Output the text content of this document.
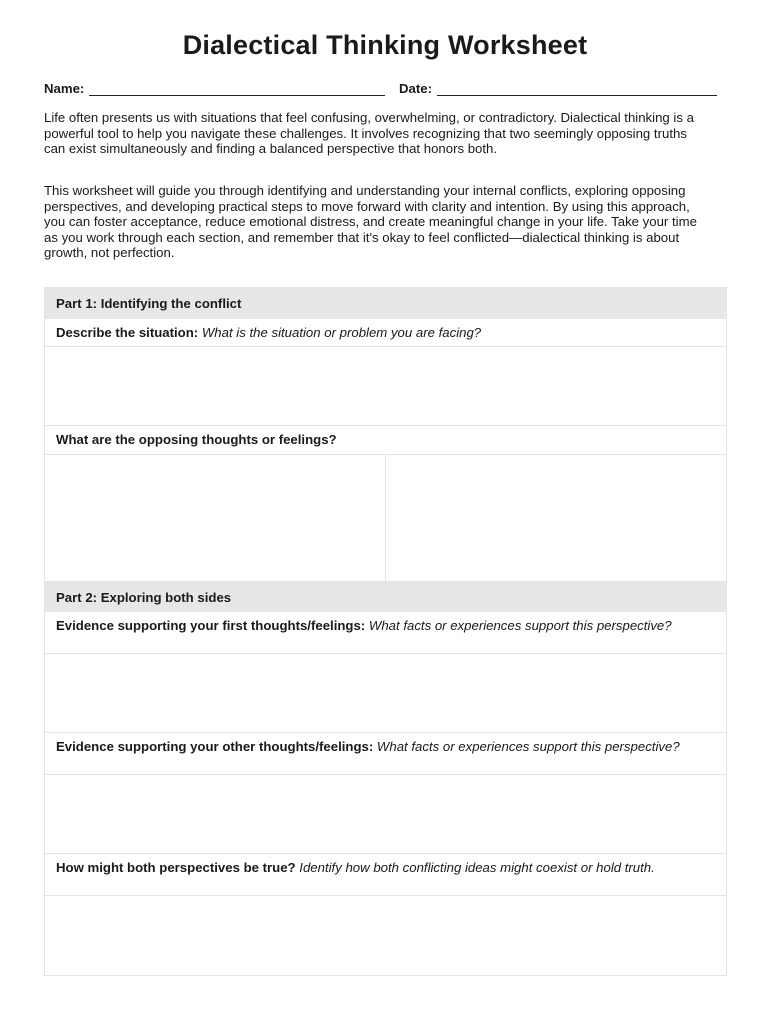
Dialectical Thinking Worksheet
Name:	Date:

Life often presents us with situations that feel confusing, overwhelming, or contradictory. Dialectical thinking is a powerful tool to help you navigate these challenges. It involves recognizing that two seemingly opposing truths can exist simultaneously and finding a balanced perspective that honors both.

This worksheet will guide you through identifying and understanding your internal conflicts, exploring opposing perspectives, and developing practical steps to move forward with clarity and intention. By using this approach, you can foster acceptance, reduce emotional distress, and create meaningful change in your life. Take your time as you work through each section, and remember that it's okay to feel conflicted—dialectical thinking is about growth, not perfection.

Part 1: Identifying the conflict
Describe the situation: What is the situation or problem you are facing?
What are the opposing thoughts or feelings?
Part 2: Exploring both sides
Evidence supporting your first thoughts/feelings: What facts or experiences support this perspective?
Evidence supporting your other thoughts/feelings: What facts or experiences support this perspective?
How might both perspectives be true? Identify how both conflicting ideas might coexist or hold truth.
